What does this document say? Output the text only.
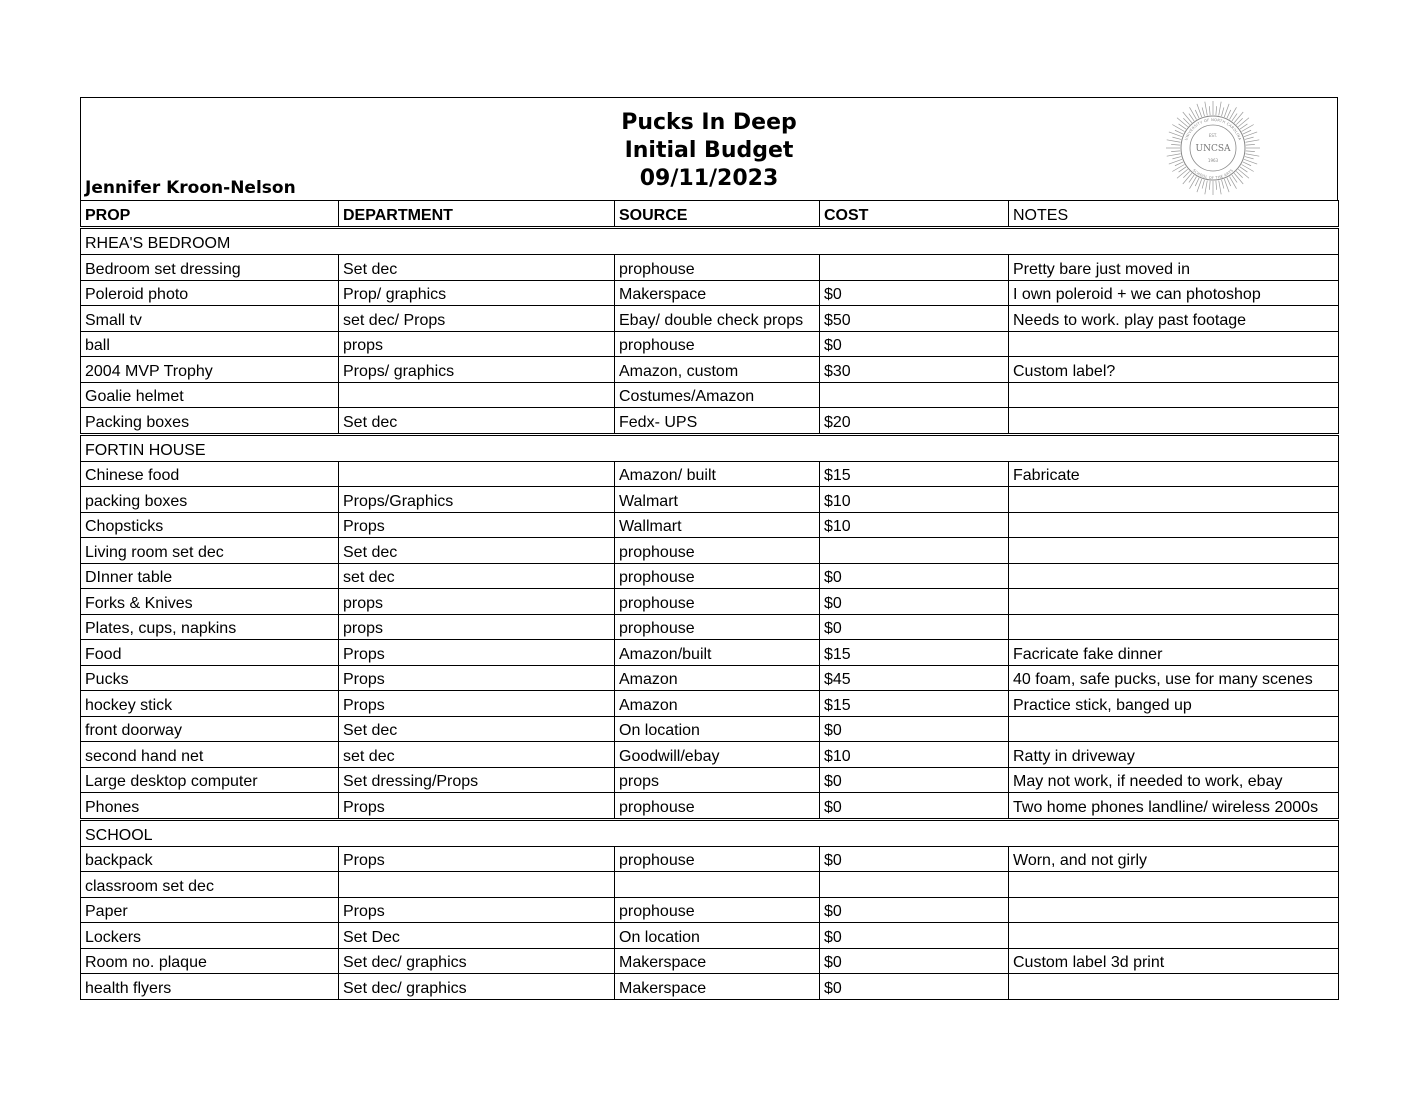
Pucks In Deep
Initial Budget
09/11/2023
Jennifer Kroon-Nelson
UNIVERSITY OF NORTH CAROLINA
SCHOOL OF THE ARTS
EST.
UNCSA
1963
PROP	DEPARTMENT	SOURCE	COST	NOTES
RHEA'S BEDROOM				
Bedroom set dressing	Set dec	prophouse		Pretty bare just moved in
Poleroid photo	Prop/ graphics	Makerspace	$0	I own poleroid + we can photoshop
Small tv	set dec/ Props	Ebay/ double check props	$50	Needs to work. play past footage
ball	props	prophouse	$0	
2004 MVP Trophy	Props/ graphics	Amazon, custom	$30	Custom label?
Goalie helmet		Costumes/Amazon		
Packing boxes	Set dec	Fedx- UPS	$20	
FORTIN HOUSE				
Chinese food		Amazon/ built	$15	Fabricate
packing boxes	Props/Graphics	Walmart	$10	
Chopsticks	Props	Wallmart	$10	
Living room set dec	Set dec	prophouse		
DInner table	set dec	prophouse	$0	
Forks & Knives	props	prophouse	$0	
Plates, cups, napkins	props	prophouse	$0	
Food	Props	Amazon/built	$15	Facricate fake dinner
Pucks	Props	Amazon	$45	40 foam, safe pucks, use for many scenes
hockey stick	Props	Amazon	$15	Practice stick, banged up
front doorway	Set dec	On location	$0	
second hand net	set dec	Goodwill/ebay	$10	Ratty in driveway
Large desktop computer	Set dressing/Props	props	$0	May not work, if needed to work, ebay
Phones	Props	prophouse	$0	Two home phones landline/ wireless 2000s
SCHOOL				
backpack	Props	prophouse	$0	Worn, and not girly
classroom set dec				
Paper	Props	prophouse	$0	
Lockers	Set Dec	On location	$0	
Room no. plaque	Set dec/ graphics	Makerspace	$0	Custom label 3d print
health flyers	Set dec/ graphics	Makerspace	$0	
